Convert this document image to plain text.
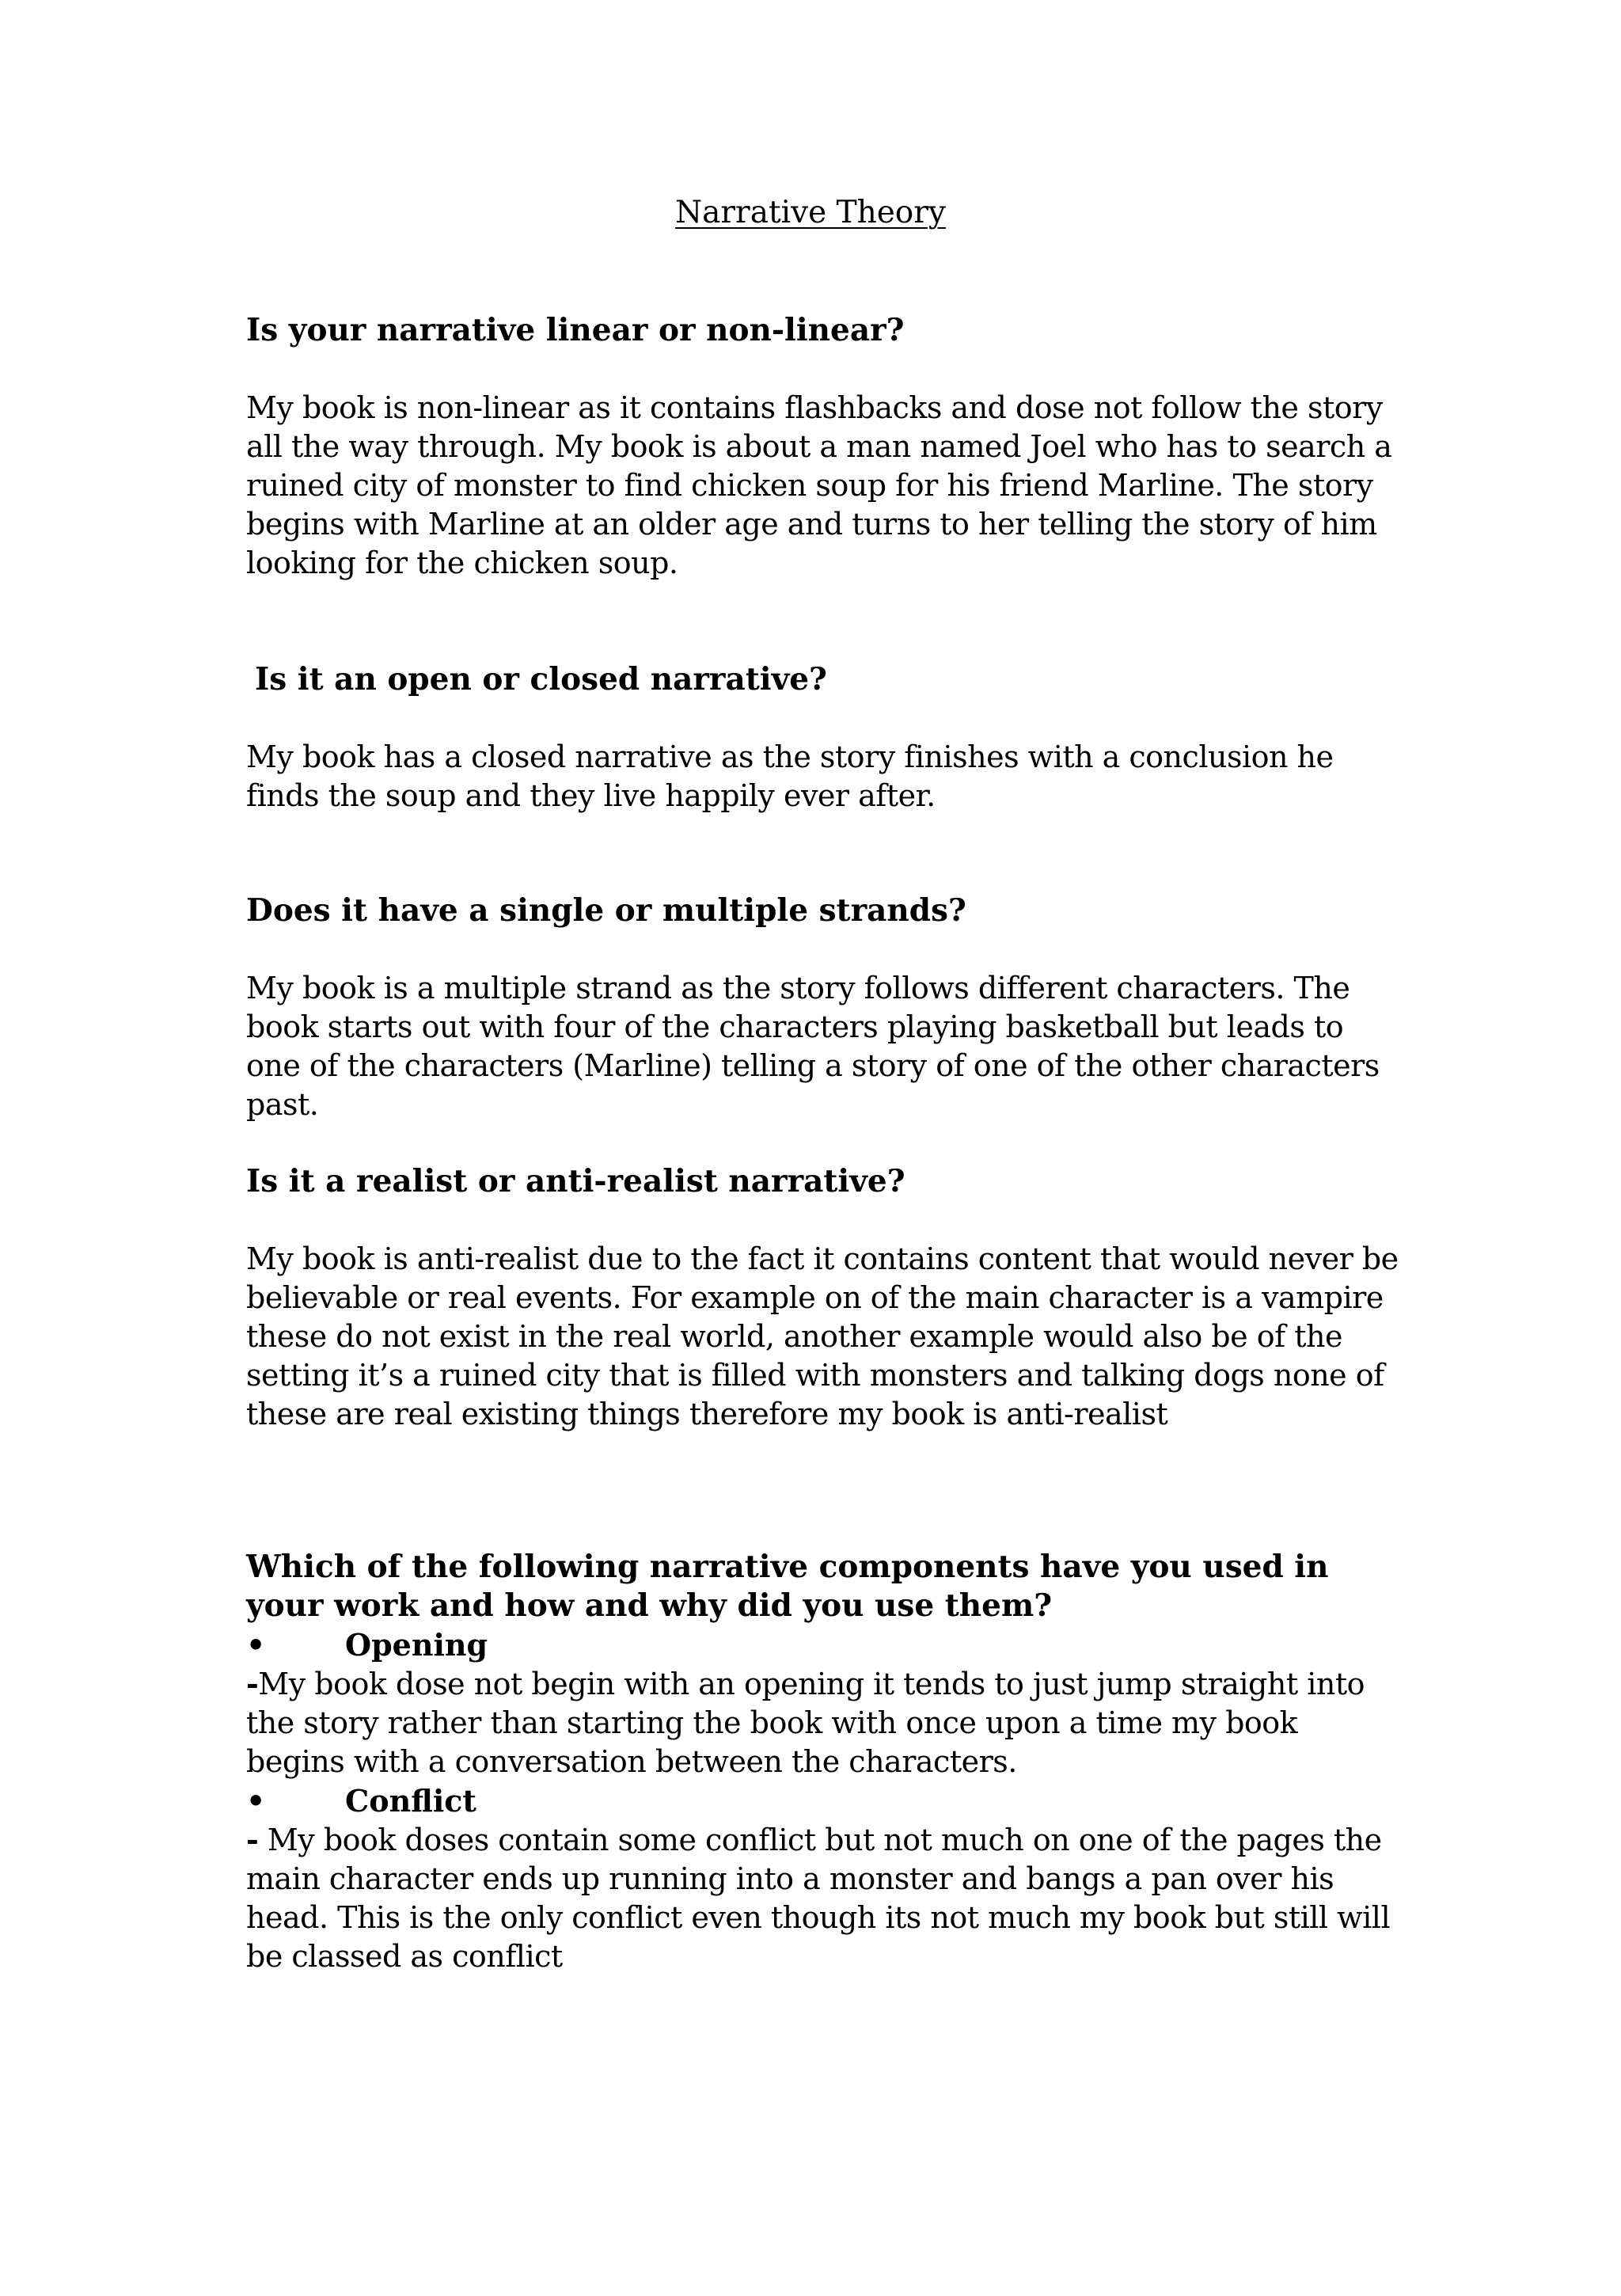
Narrative Theory
Is your narrative linear or non-linear?
My book is non-linear as it contains flashbacks and dose not follow the story all the way through. My book is about a man named Joel who has to search a ruined city of monster to find chicken soup for his friend Marline. The story begins with Marline at an older age and turns to her telling the story of him looking for the chicken soup.
Is it an open or closed narrative?
My book has a closed narrative as the story finishes with a conclusion he finds the soup and they live happily ever after.
Does it have a single or multiple strands?
My book is a multiple strand as the story follows different characters. The book starts out with four of the characters playing basketball but leads to one of the characters (Marline) telling a story of one of the other characters past.
Is it a realist or anti-realist narrative?
My book is anti-realist due to the fact it contains content that would never be believable or real events. For example on of the main character is a vampire these do not exist in the real world, another example would also be of the setting it’s a ruined city that is filled with monsters and talking dogs none of these are real existing things therefore my book is anti-realist
Which of the following narrative components have you used in your work and how and why did you use them?
•	Opening
-My book dose not begin with an opening it tends to just jump straight into the story rather than starting the book with once upon a time my book begins with a conversation between the characters.
•	Conflict
- My book doses contain some conflict but not much on one of the pages the main character ends up running into a monster and bangs a pan over his head. This is the only conflict even though its not much my book but still will be classed as conflict
